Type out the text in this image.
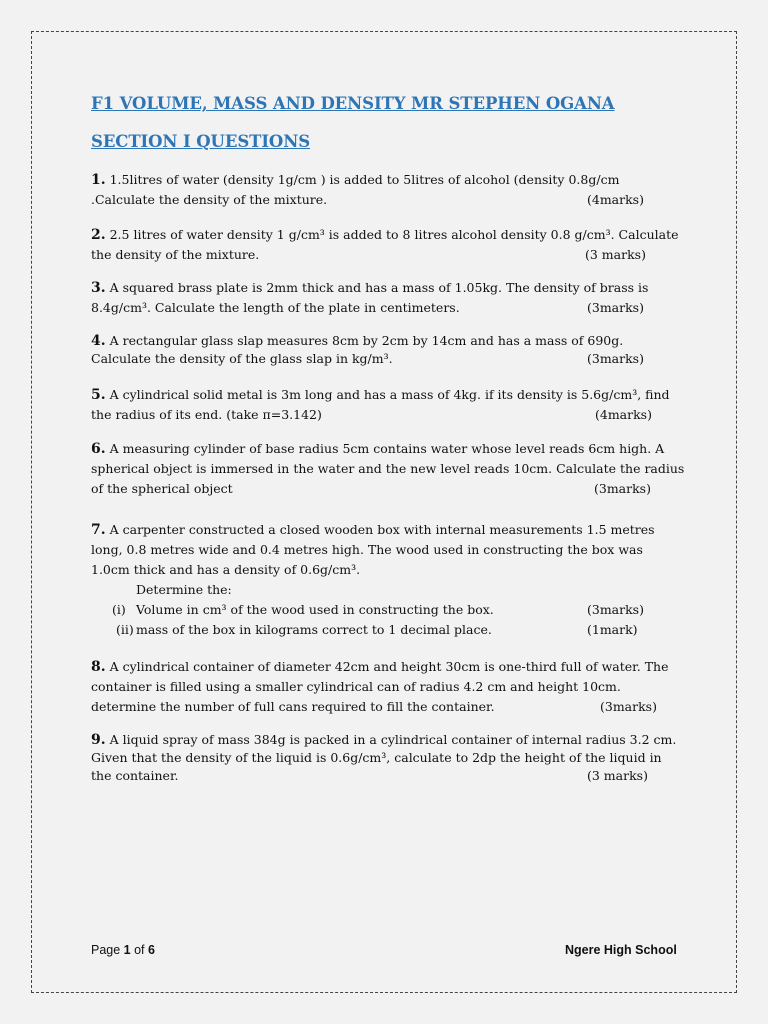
F1 VOLUME, MASS AND DENSITY MR STEPHEN OGANA
SECTION I QUESTIONS
1. 1.5litres of water (density 1g/cm ) is added to 5litres of alcohol (density 0.8g/cm
.Calculate the density of the mixture.	(4marks)
2. 2.5 litres of water density 1 g/cm³ is added to 8 litres alcohol density 0.8 g/cm³. Calculate
the density of the mixture.	(3 marks)
3. A squared brass plate is 2mm thick and has a mass of 1.05kg. The density of brass is
8.4g/cm³. Calculate the length of the plate in centimeters.	(3marks)
4. A rectangular glass slap measures 8cm by 2cm by 14cm and has a mass of 690g.
Calculate the density of the glass slap in kg/m³.	(3marks)
5. A cylindrical solid metal is 3m long and has a mass of 4kg. if its density is 5.6g/cm³, find
the radius of its end. (take π=3.142)	(4marks)
6. A measuring cylinder of base radius 5cm contains water whose level reads 6cm high. A
spherical object is immersed in the water and the new level reads 10cm. Calculate the radius
of the spherical object	(3marks)
7. A carpenter constructed a closed wooden box with internal measurements 1.5 metres
long, 0.8 metres wide and 0.4 metres high. The wood used in constructing the box was
1.0cm thick and has a density of 0.6g/cm³.
Determine the:
(i) Volume in cm³ of the wood used in constructing the box.	(3marks)
(ii) mass of the box in kilograms correct to 1 decimal place.	(1mark)
8. A cylindrical container of diameter 42cm and height 30cm is one-third full of water. The
container is filled using a smaller cylindrical can of radius 4.2 cm and height 10cm.
determine the number of full cans required to fill the container.	(3marks)
9. A liquid spray of mass 384g is packed in a cylindrical container of internal radius 3.2 cm.
Given that the density of the liquid is 0.6g/cm³, calculate to 2dp the height of the liquid in
the container.	(3 marks)
Page 1 of 6	Ngere High School
